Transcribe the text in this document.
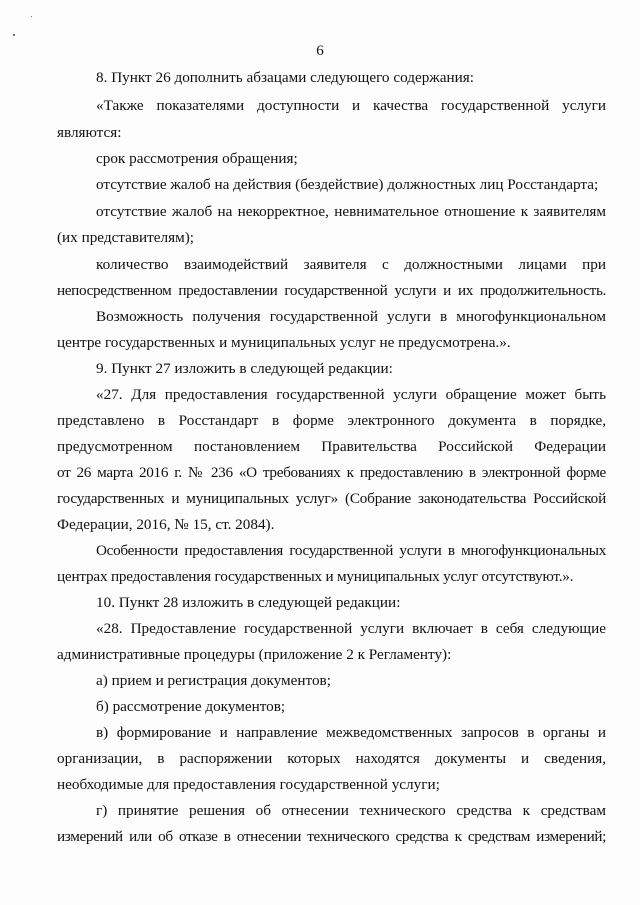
6
8. Пункт 26 дополнить абзацами следующего содержания:
«Также показателями доступности и качества государственной услуги
являются:
срок рассмотрения обращения;
отсутствие жалоб на действия (бездействие) должностных лиц Росстандарта;
отсутствие жалоб на некорректное, невнимательное отношение к заявителям
(их представителям);
количество взаимодействий заявителя с должностными лицами при
непосредственном предоставлении государственной услуги и их продолжительность.
Возможность получения государственной услуги в многофункциональном
центре государственных и муниципальных услуг не предусмотрена.».
9. Пункт 27 изложить в следующей редакции:
«27. Для предоставления государственной услуги обращение может быть
представлено в Росстандарт в форме электронного документа в порядке,
предусмотренном постановлением Правительства Российской Федерации
от 26 марта 2016 г. № 236 «О требованиях к предоставлению в электронной форме
государственных и муниципальных услуг» (Собрание законодательства Российской
Федерации, 2016, № 15, ст. 2084).
Особенности предоставления государственной услуги в многофункциональных
центрах предоставления государственных и муниципальных услуг отсутствуют.».
10. Пункт 28 изложить в следующей редакции:
«28. Предоставление государственной услуги включает в себя следующие
административные процедуры (приложение 2 к Регламенту):
а) прием и регистрация документов;
б) рассмотрение документов;
в) формирование и направление межведомственных запросов в органы и
организации, в распоряжении которых находятся документы и сведения,
необходимые для предоставления государственной услуги;
г) принятие решения об отнесении технического средства к средствам
измерений или об отказе в отнесении технического средства к средствам измерений;
